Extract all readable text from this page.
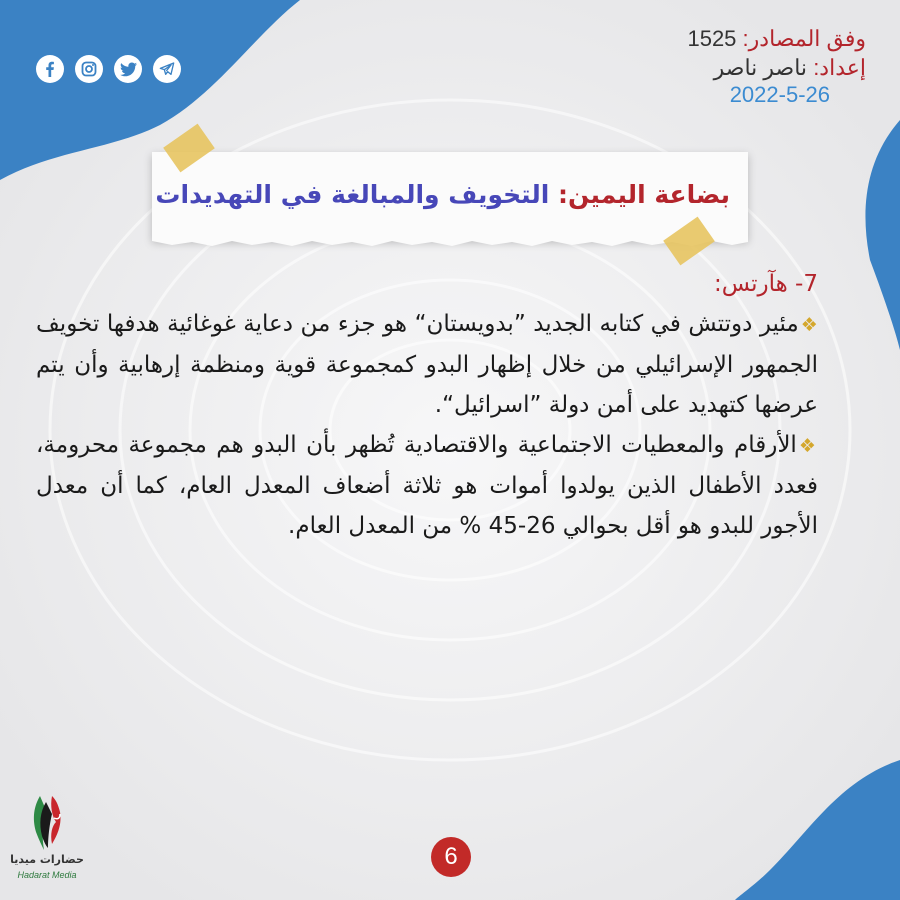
وفق المصادر: 1525
إعداد: ناصر ناصر
2022-5-26
بضاعة اليمين: التخويف والمبالغة في التهديدات
7- هآرتس:

❖مئير دوتتش في كتابه الجديد ”بدويستان“ هو جزء من دعاية غوغائية هدفها تخويف الجمهور الإسرائيلي من خلال إظهار البدو كمجموعة قوية ومنظمة إرهابية وأن يتم عرضها كتهديد على أمن دولة ”اسرائيل“.

❖الأرقام والمعطيات الاجتماعية والاقتصادية تُظهر بأن البدو هم مجموعة محرومة، فعدد الأطفال الذين يولدوا أموات هو ثلاثة أضعاف المعدل العام، كما أن معدل الأجور للبدو هو أقل بحوالي 26-45 % من المعدل العام.

6
حضارات ميديا
Hadarat Media
